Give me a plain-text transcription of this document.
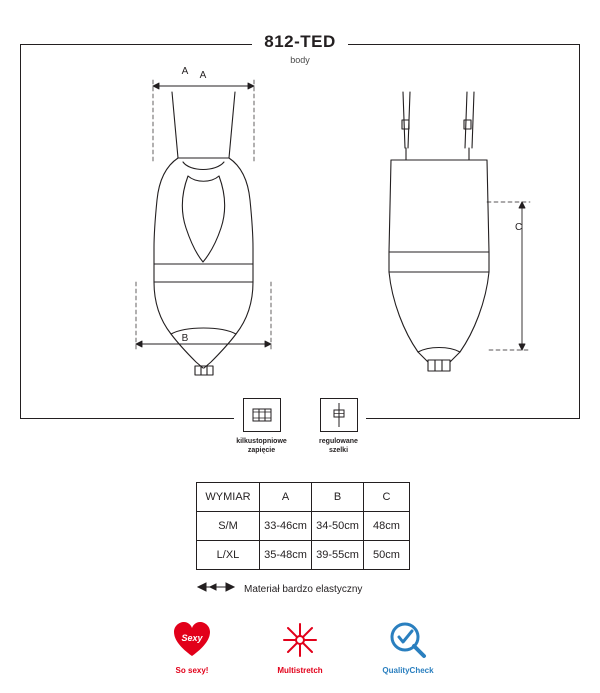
812-TED
body
A
A
B
C
kilkustopniowe
zapięcie
regulowane
szelki
WYMIAR	A	B	C
S/M	33-46cm	34-50cm	48cm
L/XL	35-48cm	39-55cm	50cm
Materiał bardzo elastyczny
Sexy
So sexy!	Multistretch	QualityCheck
